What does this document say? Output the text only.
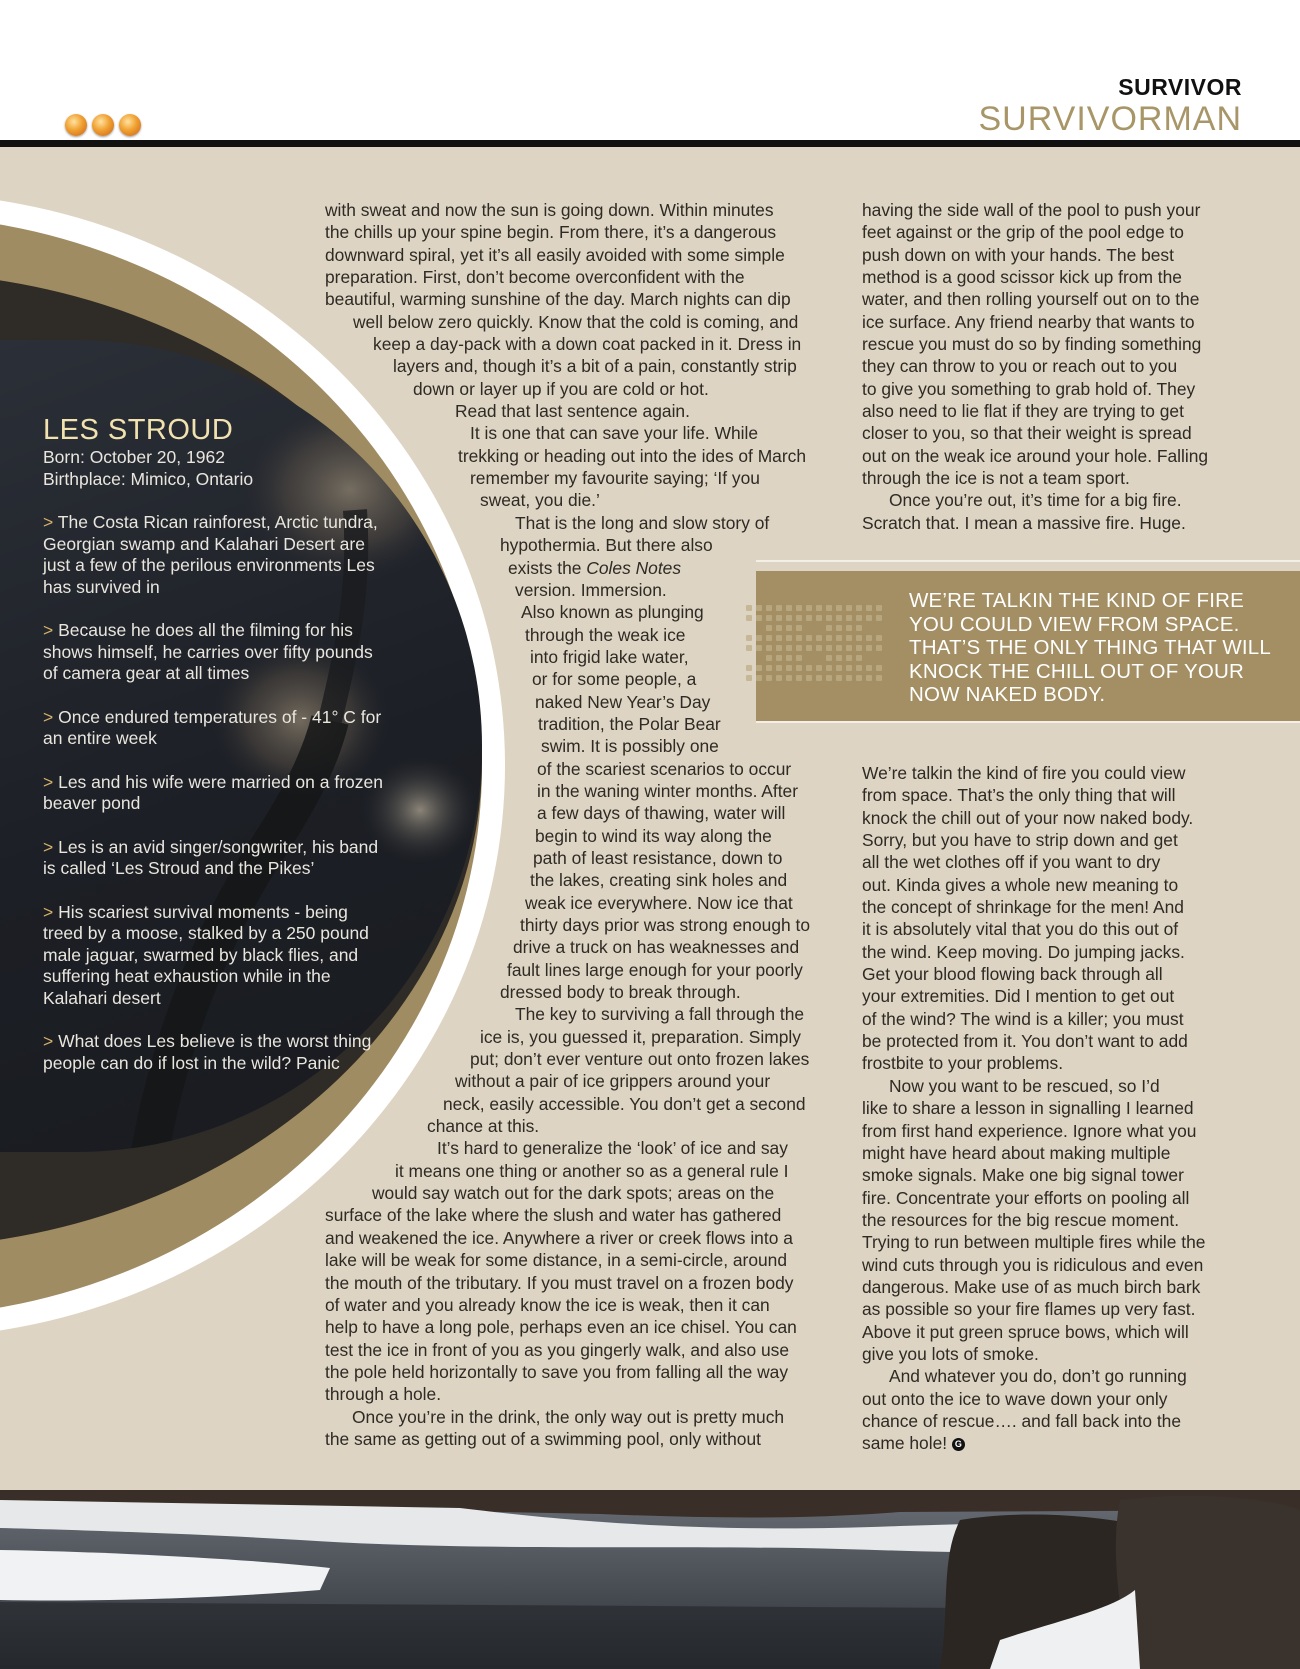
SURVIVOR
SURVIVORMAN
LES STROUD

Born: October 20, 1962

Birthplace: Mimico, Ontario

> The Costa Rican rainforest, Arctic tundra, Georgian swamp and Kalahari Desert are just a few of the perilous environments Les has survived in
> Because he does all the filming for his shows himself, he carries over fifty pounds of camera gear at all times
> Once endured temperatures of - 41° C for an entire week
> Les and his wife were married on a frozen beaver pond
> Les is an avid singer/songwriter, his band is called ‘Les Stroud and the Pikes’
> His scariest survival moments - being treed by a moose, stalked by a 250 pound male jaguar, swarmed by black flies, and suffering heat exhaustion while in the Kalahari desert
> What does Les believe is the worst thing people can do if lost in the wild? Panic
WE’RE TALKIN THE KIND OF FIRE YOU COULD VIEW FROM SPACE. THAT’S THE ONLY THING THAT WILL KNOCK THE CHILL OUT OF YOUR NOW NAKED BODY.

with sweat and now the sun is going down. Within minutes

the chills up your spine begin. From there, it’s a dangerous

downward spiral, yet it’s all easily avoided with some simple

preparation. First, don’t become overconfident with the

beautiful, warming sunshine of the day. March nights can dip

well below zero quickly. Know that the cold is coming, and

keep a day-pack with a down coat packed in it. Dress in

layers and, though it’s a bit of a pain, constantly strip

down or layer up if you are cold or hot.

Read that last sentence again.

It is one that can save your life. While

trekking or heading out into the ides of March

remember my favourite saying; ‘If you

sweat, you die.’

That is the long and slow story of

hypothermia. But there also

exists the Coles Notes

version. Immersion.

Also known as plunging

through the weak ice

into frigid lake water,

or for some people, a

naked New Year’s Day

tradition, the Polar Bear

swim. It is possibly one

of the scariest scenarios to occur

in the waning winter months. After

a few days of thawing, water will

begin to wind its way along the

path of least resistance, down to

the lakes, creating sink holes and

weak ice everywhere. Now ice that

thirty days prior was strong enough to

drive a truck on has weaknesses and

fault lines large enough for your poorly

dressed body to break through.

The key to surviving a fall through the

ice is, you guessed it, preparation. Simply

put; don’t ever venture out onto frozen lakes

without a pair of ice grippers around your

neck, easily accessible. You don’t get a second

chance at this.

It’s hard to generalize the ‘look’ of ice and say

it means one thing or another so as a general rule I

would say watch out for the dark spots; areas on the

surface of the lake where the slush and water has gathered

and weakened the ice. Anywhere a river or creek flows into a

lake will be weak for some distance, in a semi-circle, around

the mouth of the tributary. If you must travel on a frozen body

of water and you already know the ice is weak, then it can

help to have a long pole, perhaps even an ice chisel. You can

test the ice in front of you as you gingerly walk, and also use

the pole held horizontally to save you from falling all the way

through a hole.

Once you’re in the drink, the only way out is pretty much

the same as getting out of a swimming pool, only without

having the side wall of the pool to push your

feet against or the grip of the pool edge to

push down on with your hands. The best

method is a good scissor kick up from the

water, and then rolling yourself out on to the

ice surface. Any friend nearby that wants to

rescue you must do so by finding something

they can throw to you or reach out to you

to give you something to grab hold of. They

also need to lie flat if they are trying to get

closer to you, so that their weight is spread

out on the weak ice around your hole. Falling

through the ice is not a team sport.

Once you’re out, it’s time for a big fire.

Scratch that. I mean a massive fire. Huge.

We’re talkin the kind of fire you could view

from space. That’s the only thing that will

knock the chill out of your now naked body.

Sorry, but you have to strip down and get

all the wet clothes off if you want to dry

out. Kinda gives a whole new meaning to

the concept of shrinkage for the men! And

it is absolutely vital that you do this out of

the wind. Keep moving. Do jumping jacks.

Get your blood flowing back through all

your extremities. Did I mention to get out

of the wind? The wind is a killer; you must

be protected from it. You don’t want to add

frostbite to your problems.

Now you want to be rescued, so I’d

like to share a lesson in signalling I learned

from first hand experience. Ignore what you

might have heard about making multiple

smoke signals. Make one big signal tower

fire. Concentrate your efforts on pooling all

the resources for the big rescue moment.

Trying to run between multiple fires while the

wind cuts through you is ridiculous and even

dangerous. Make use of as much birch bark

as possible so your fire flames up very fast.

Above it put green spruce bows, which will

give you lots of smoke.

And whatever you do, don’t go running

out onto the ice to wave down your only

chance of rescue…. and fall back into the

same hole! G
